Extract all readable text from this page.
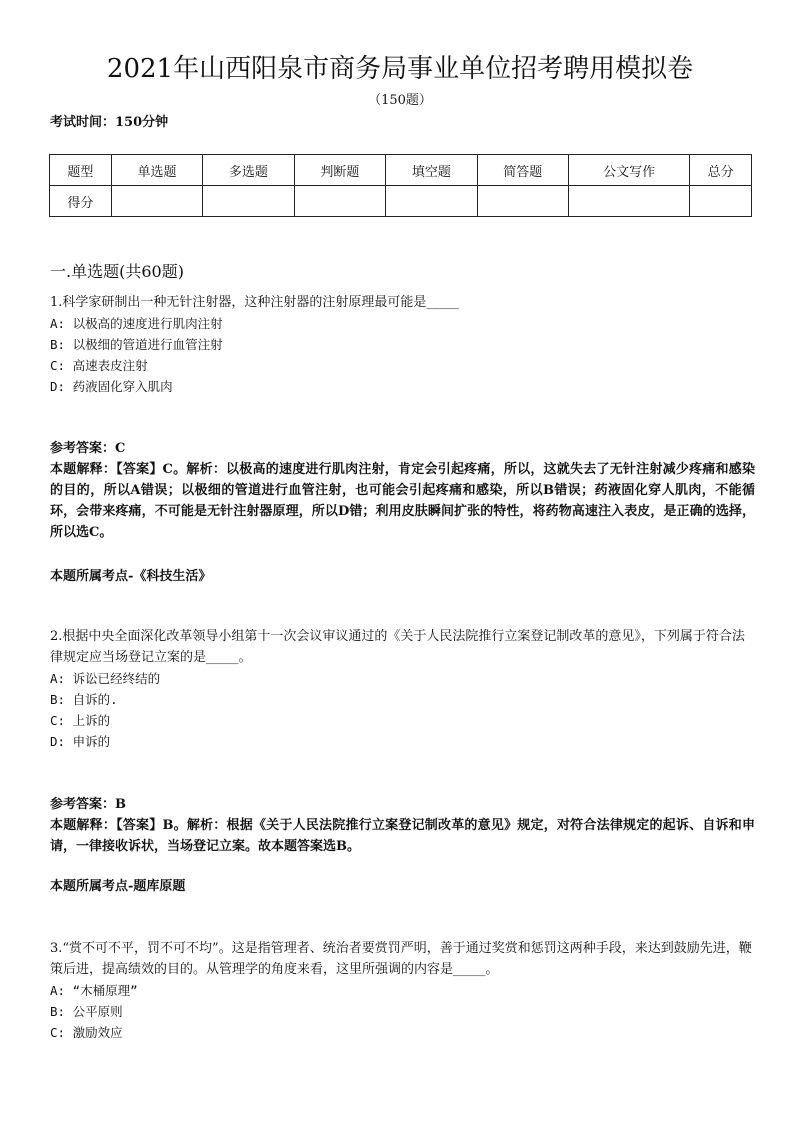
2021年山西阳泉市商务局事业单位招考聘用模拟卷
（150题）
考试时间：150分钟
题型	单选题	多选题	判断题	填空题	简答题	公文写作	总分
得分							
一.单选题(共60题)

1.科学家研制出一种无针注射器，这种注射器的注射原理最可能是_____

A: 以极高的速度进行肌肉注射

B: 以极细的管道进行血管注射

C: 高速表皮注射

D: 药液固化穿入肌肉

参考答案：C

本题解释：【答案】C。解析：以极高的速度进行肌肉注射，肯定会引起疼痛，所以，这就失去了无针注射减少疼痛和感染的目的，所以A错误；以极细的管道进行血管注射，也可能会引起疼痛和感染，所以B错误；药液固化穿人肌肉，不能循环，会带来疼痛，不可能是无针注射器原理，所以D错；利用皮肤瞬间扩张的特性，将药物高速注入表皮，是正确的选择，所以选C。

本题所属考点-《科技生活》

2.根据中央全面深化改革领导小组第十一次会议审议通过的《关于人民法院推行立案登记制改革的意见》，下列属于符合法律规定应当场登记立案的是_____。

A: 诉讼已经终结的

B: 自诉的.

C: 上诉的

D: 申诉的

参考答案：B

本题解释：【答案】B。解析：根据《关于人民法院推行立案登记制改革的意见》规定，对符合法律规定的起诉、自诉和申请，一律接收诉状，当场登记立案。故本题答案选B。

本题所属考点-题库原题

3.“赏不可不平，罚不可不均”。这是指管理者、统治者要赏罚严明，善于通过奖赏和惩罚这两种手段，来达到鼓励先进，鞭策后进，提高绩效的目的。从管理学的角度来看，这里所强调的内容是_____。

A: “木桶原理”

B: 公平原则

C: 激励效应
